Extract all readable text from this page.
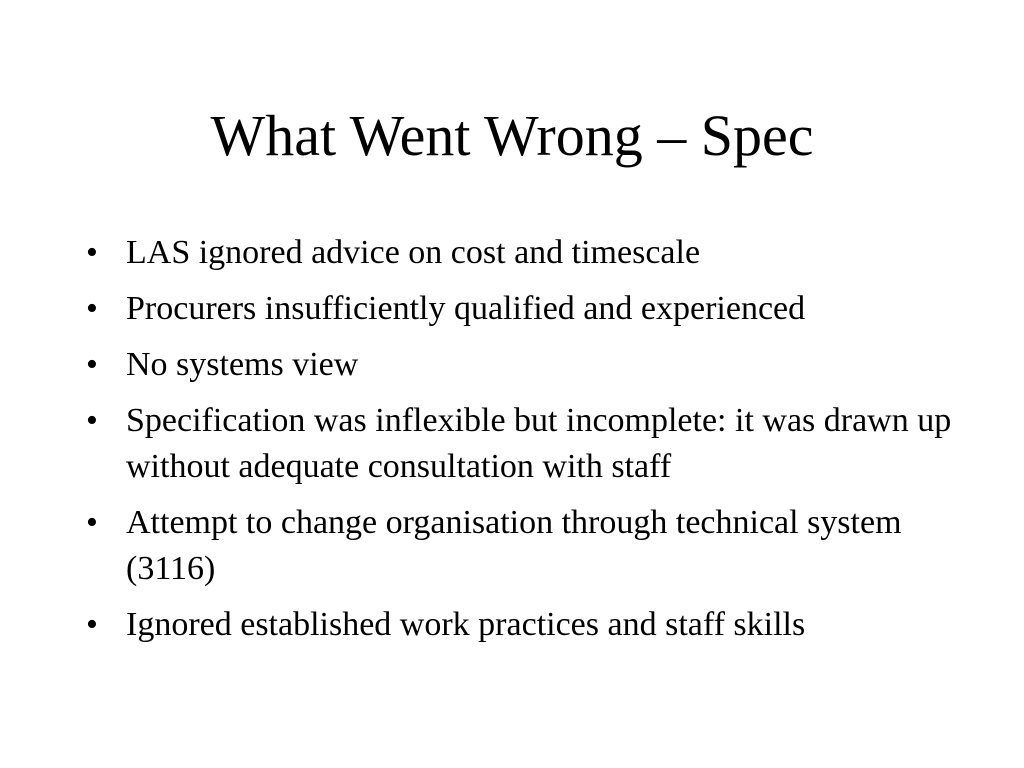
What Went Wrong – Spec
• LAS ignored advice on cost and timescale
• Procurers insufficiently qualified and experienced
• No systems view
• Specification was inflexible but incomplete: it was drawn up without adequate consultation with staff
• Attempt to change organisation through technical system (3116)
• Ignored established work practices and staff skills
